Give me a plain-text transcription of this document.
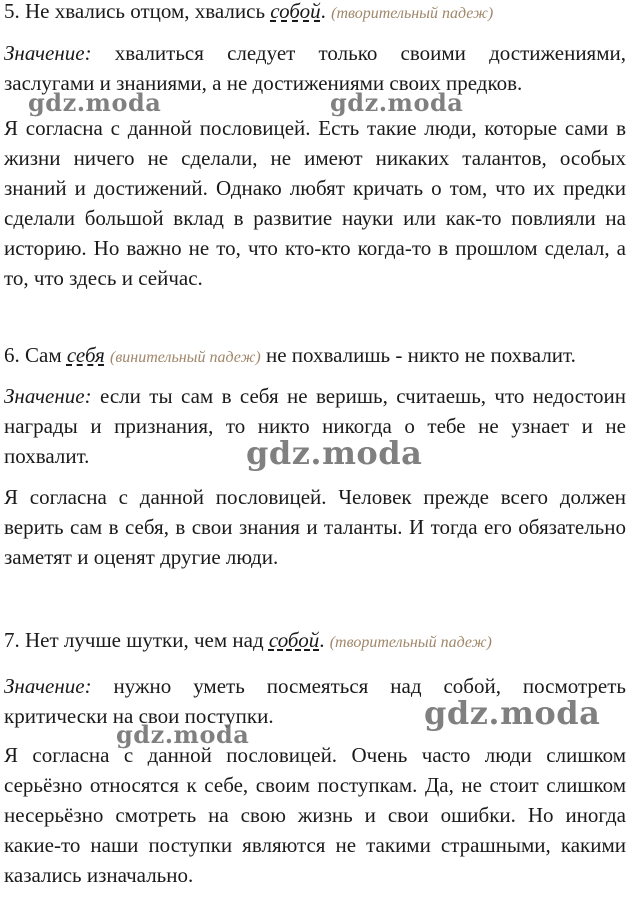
5. Не хвались отцом, хвались собой. (творительный падеж)
Значение: хвалиться следует только своими достижениями, заслугами и знаниями, а не достижениями своих предков.
Я согласна с данной пословицей. Есть такие люди, которые сами в жизни ничего не сделали, не имеют никаких талантов, особых знаний и достижений. Однако любят кричать о том, что их предки сделали большой вклад в развитие науки или как-то повлияли на историю. Но важно не то, что кто-кто когда-то в прошлом сделал, а то, что здесь и сейчас.
6. Сам себя (винительный падеж) не похвалишь - никто не похвалит.
Значение: если ты сам в себя не веришь, считаешь, что недостоин награды и признания, то никто никогда о тебе не узнает и не похвалит.
Я согласна с данной пословицей. Человек прежде всего должен верить сам в себя, в свои знания и таланты. И тогда его обязательно заметят и оценят другие люди.
7. Нет лучше шутки, чем над собой. (творительный падеж)
Значение: нужно уметь посмеяться над собой, посмотреть критически на свои поступки.
Я согласна с данной пословицей. Очень часто люди слишком серьёзно относятся к себе, своим поступкам. Да, не стоит слишком несерьёзно смотреть на свою жизнь и свои ошибки. Но иногда какие-то наши поступки являются не такими страшными, какими казались изначально.
gdz.moda	gdz.moda
gdz.moda
gdz.moda
gdz.moda
